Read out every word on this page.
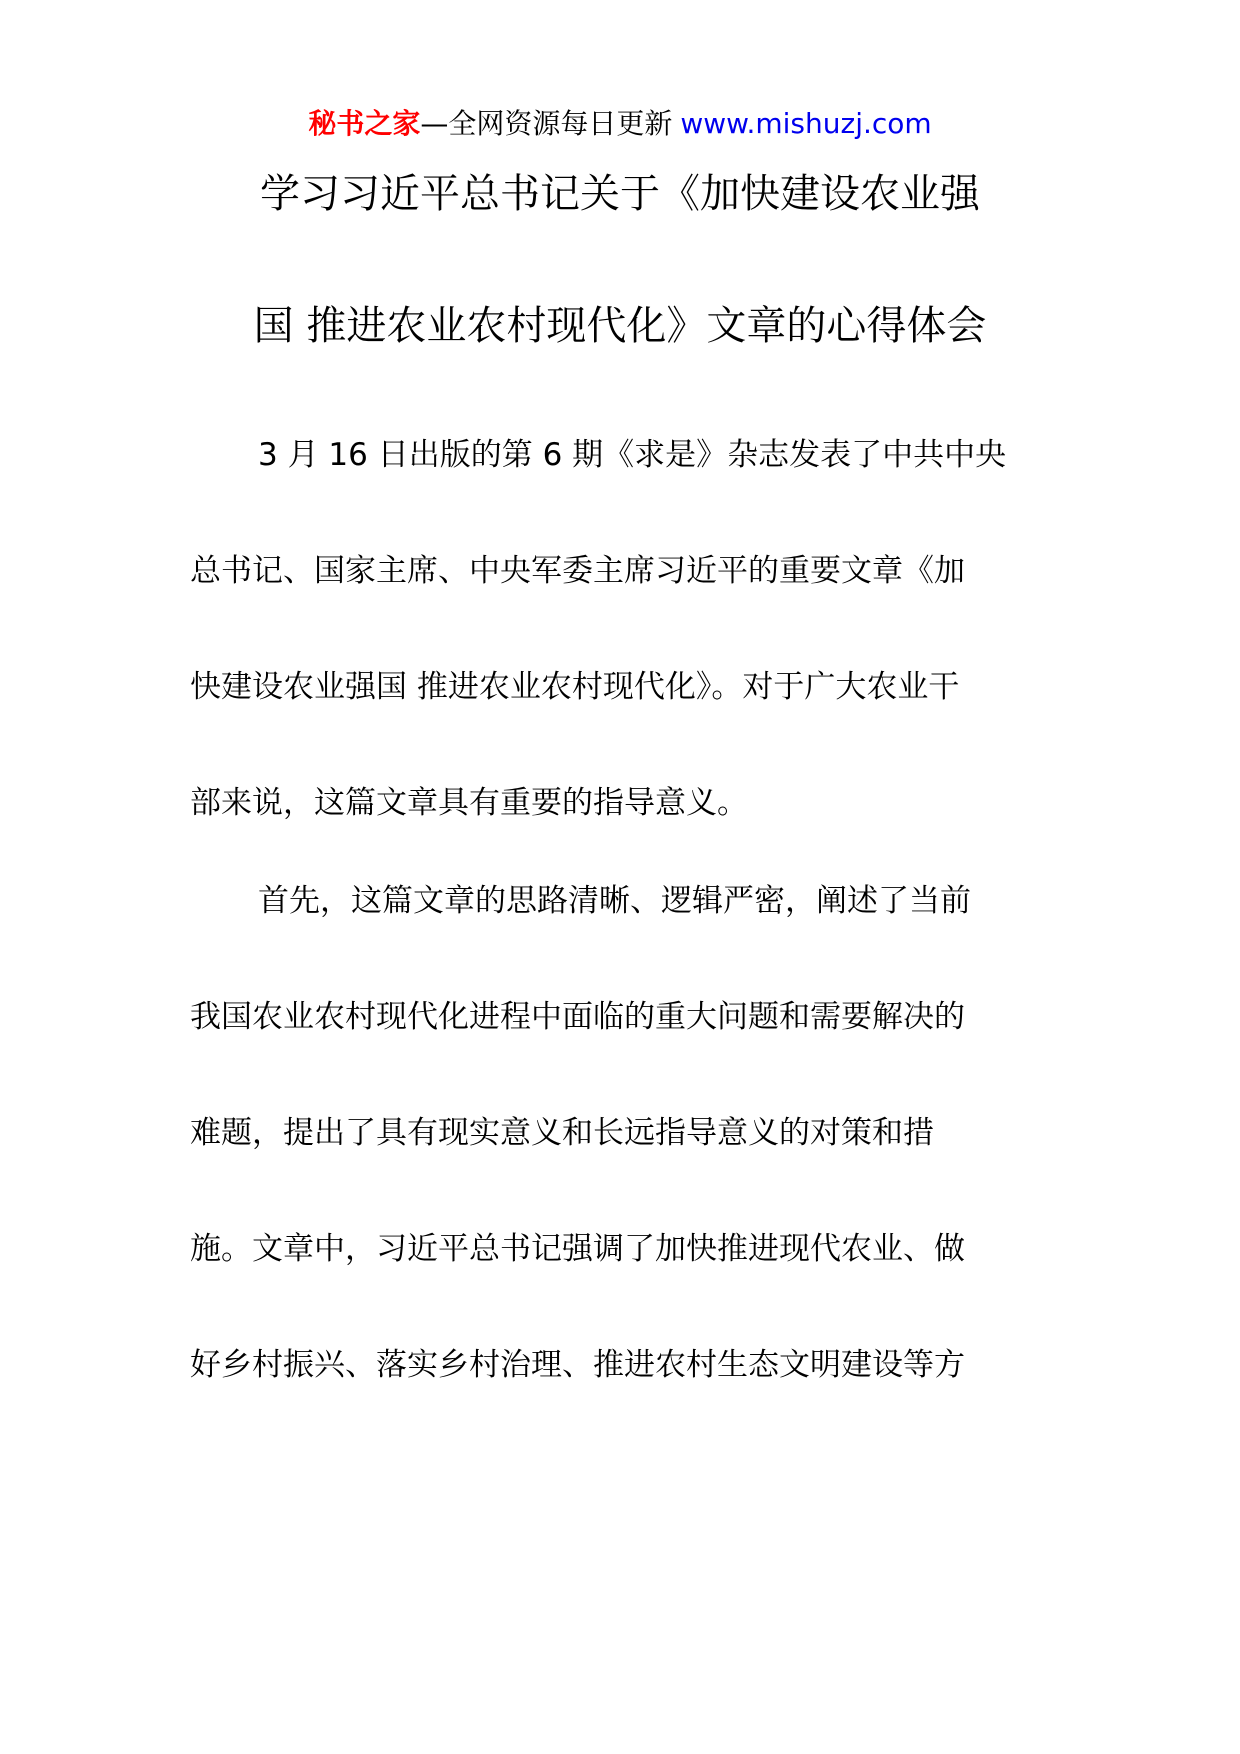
秘书之家—全网资源每日更新 www.mishuzj.com
学习习近平总书记关于《加快建设农业强
国 推进农业农村现代化》文章的心得体会
3 月 16 日出版的第 6 期《求是》杂志发表了中共中央
总书记、国家主席、中央军委主席习近平的重要文章《加
快建设农业强国 推进农业农村现代化》。对于广大农业干
部来说，这篇文章具有重要的指导意义。
首先，这篇文章的思路清晰、逻辑严密，阐述了当前
我国农业农村现代化进程中面临的重大问题和需要解决的
难题，提出了具有现实意义和长远指导意义的对策和措
施。文章中，习近平总书记强调了加快推进现代农业、做
好乡村振兴、落实乡村治理、推进农村生态文明建设等方
